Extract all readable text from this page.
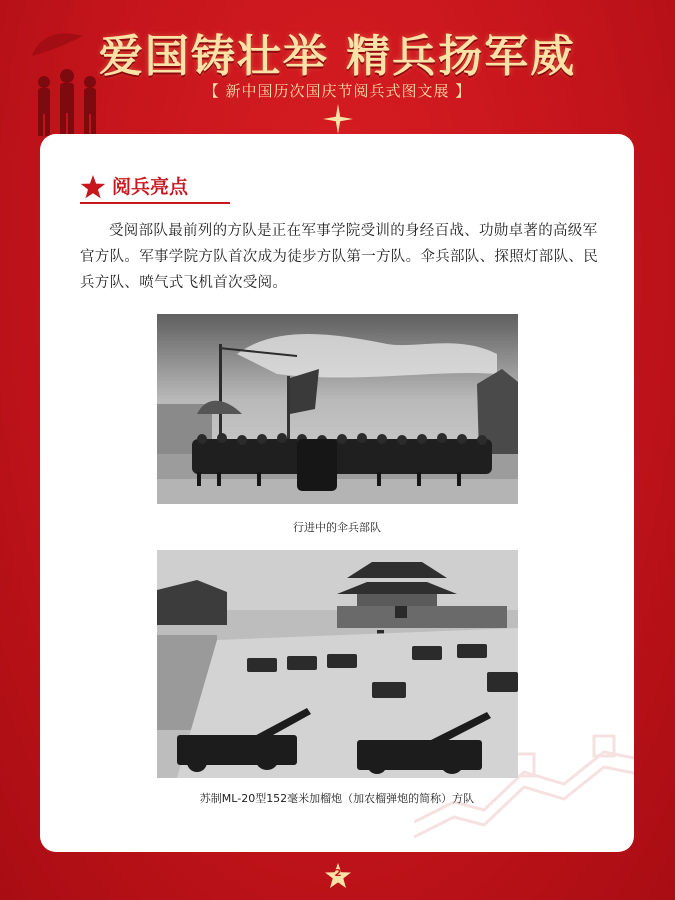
爱国铸壮举 精兵扬军威
【 新中国历次国庆节阅兵式图文展 】
阅兵亮点
受阅部队最前列的方队是正在军事学院受训的身经百战、功勋卓著的高级军官方队。军事学院方队首次成为徒步方队第一方队。伞兵部队、探照灯部队、民兵方队、喷气式飞机首次受阅。
行进中的伞兵部队
苏制ML-20型152毫米加榴炮（加农榴弹炮的简称）方队
2
